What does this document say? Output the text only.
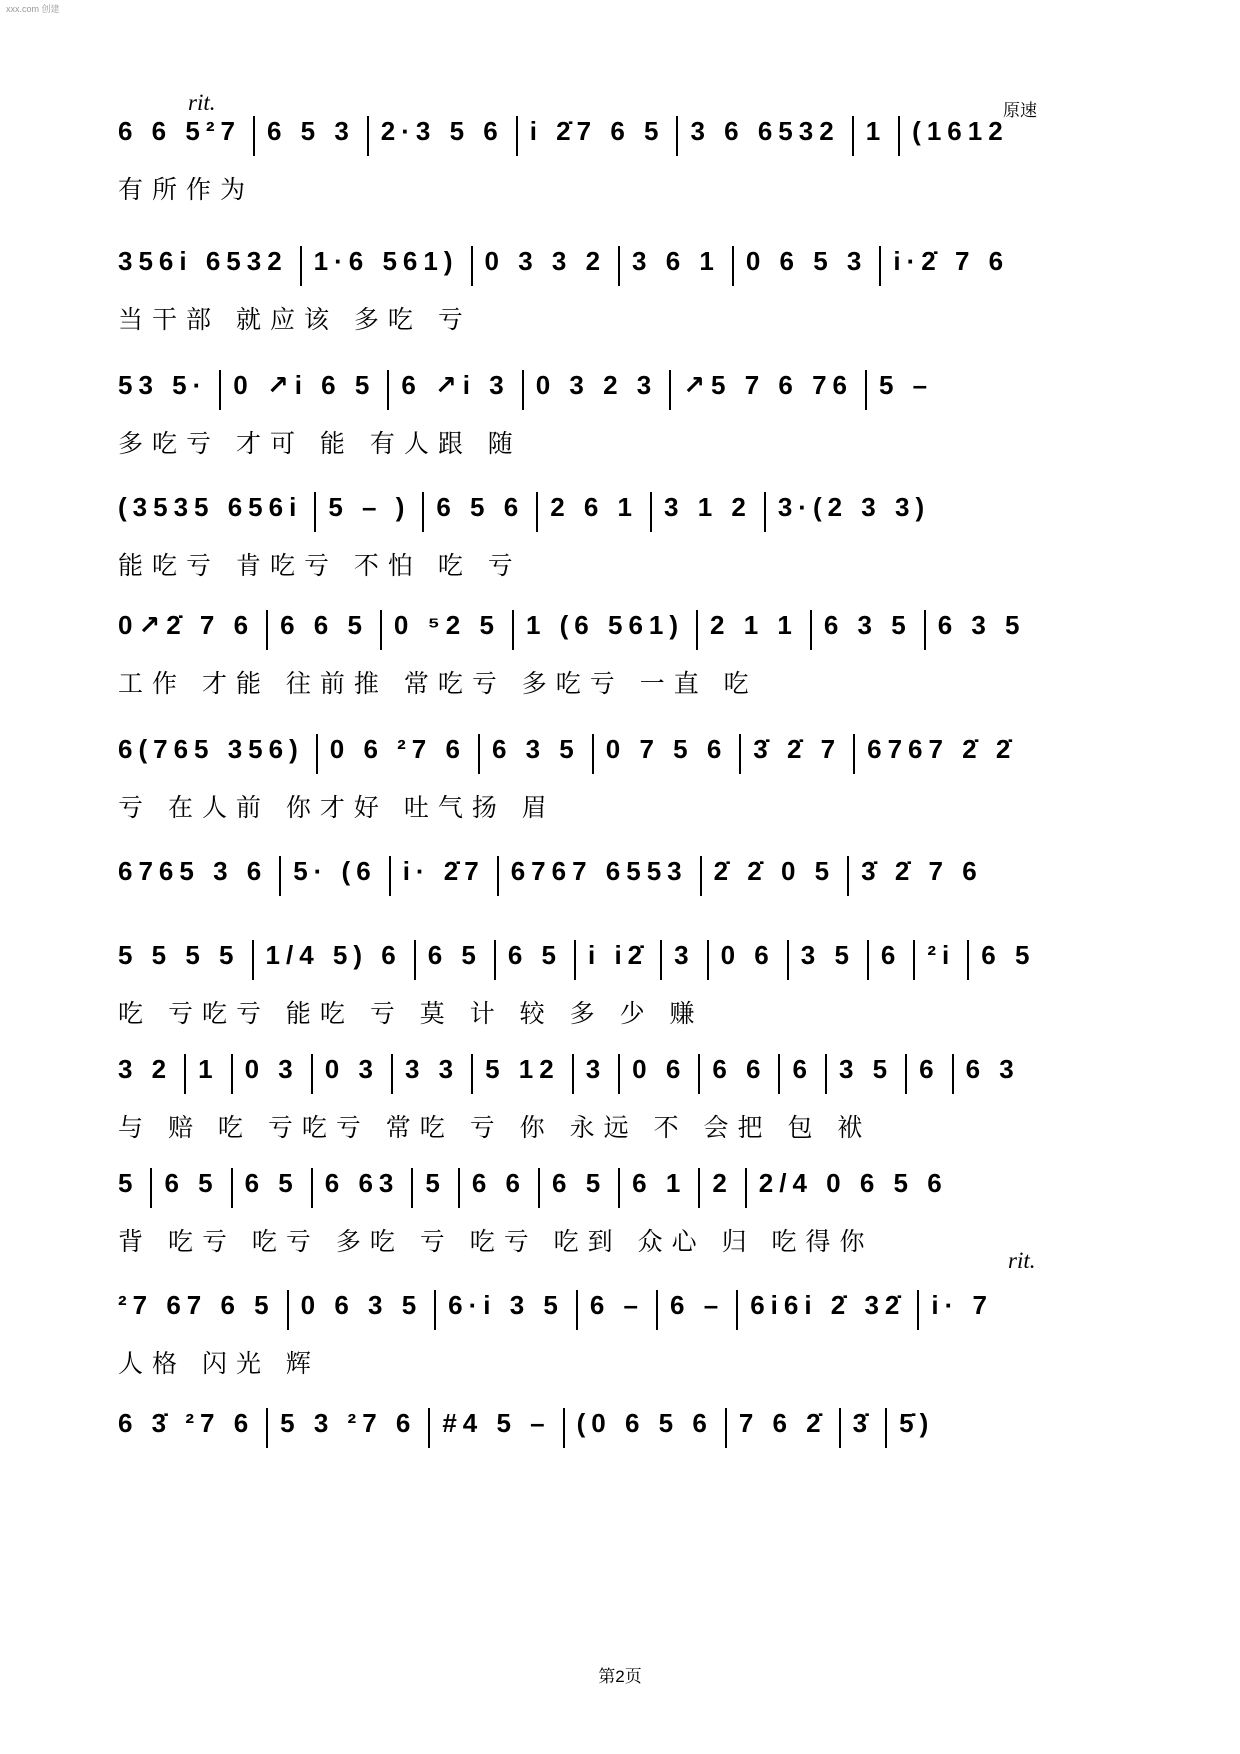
xxx.com 创建
原速
rit.
rit.
6 6 5²7	6 5 3	2·3 5 6	i 2̇7 6 5	3 6 6532	1	(1612
有所作为
356i 6532	1·6 561)	0 3 3 2	3 6 1	0 6 5 3	i·2̇ 7 6
当干部 就应该 多吃 亏
53 5·	0 ↗i 6 5	6 ↗i 3	0 3 2 3	↗5 7 6 76	5 –
多吃亏 才可 能 有人跟 随
(3535 656i	5 – )	6 5 6	2 6 1	3 1 2	3·(2 3 3)
能吃亏 肯吃亏 不怕 吃 亏
0↗2̇ 7 6	6 6 5	0 ⁵2 5	1 (6 561)	2 1 1	6 3 5	6 3 5
工作 才能 往前推 常吃亏 多吃亏 一直 吃
6(765 356)	0 6 ²7 6	6 3 5	0 7 5 6	3̇ 2̇ 7	6767 2̇ 2̇
亏 在人前 你才好 吐气扬 眉
6765 3 6	5· (6	i· 2̇7	6767 6553	2̇ 2̇ 0 5	3̇ 2̇ 7 6
5 5 5 5	1/4 5) 6	6 5	6 5	i i2̇	3	0 6	3 5	6	²i	6 5
吃 亏吃亏 能吃 亏 莫 计 较 多 少 赚
3 2	1	0 3	0 3	3 3	5 12	3	0 6	6 6	6	3 5	6	6 3
与 赔 吃 亏吃亏 常吃 亏 你 永远 不 会把 包 袱
5	6 5	6 5	6 63	5	6 6	6 5	6 1	2	2/4 0 6 5 6
背 吃亏 吃亏 多吃 亏 吃亏 吃到 众心 归 吃得你
²7 67 6 5	0 6 3 5	6·i 3 5	6 –	6 –	6i6i 2̇ 32̇	i· 7
人格 闪光 辉
6 3̇ ²7 6	5 3 ²7 6	#4 5 –	(0 6 5 6	7 6 2̇	3̇	5̇)
第2页
